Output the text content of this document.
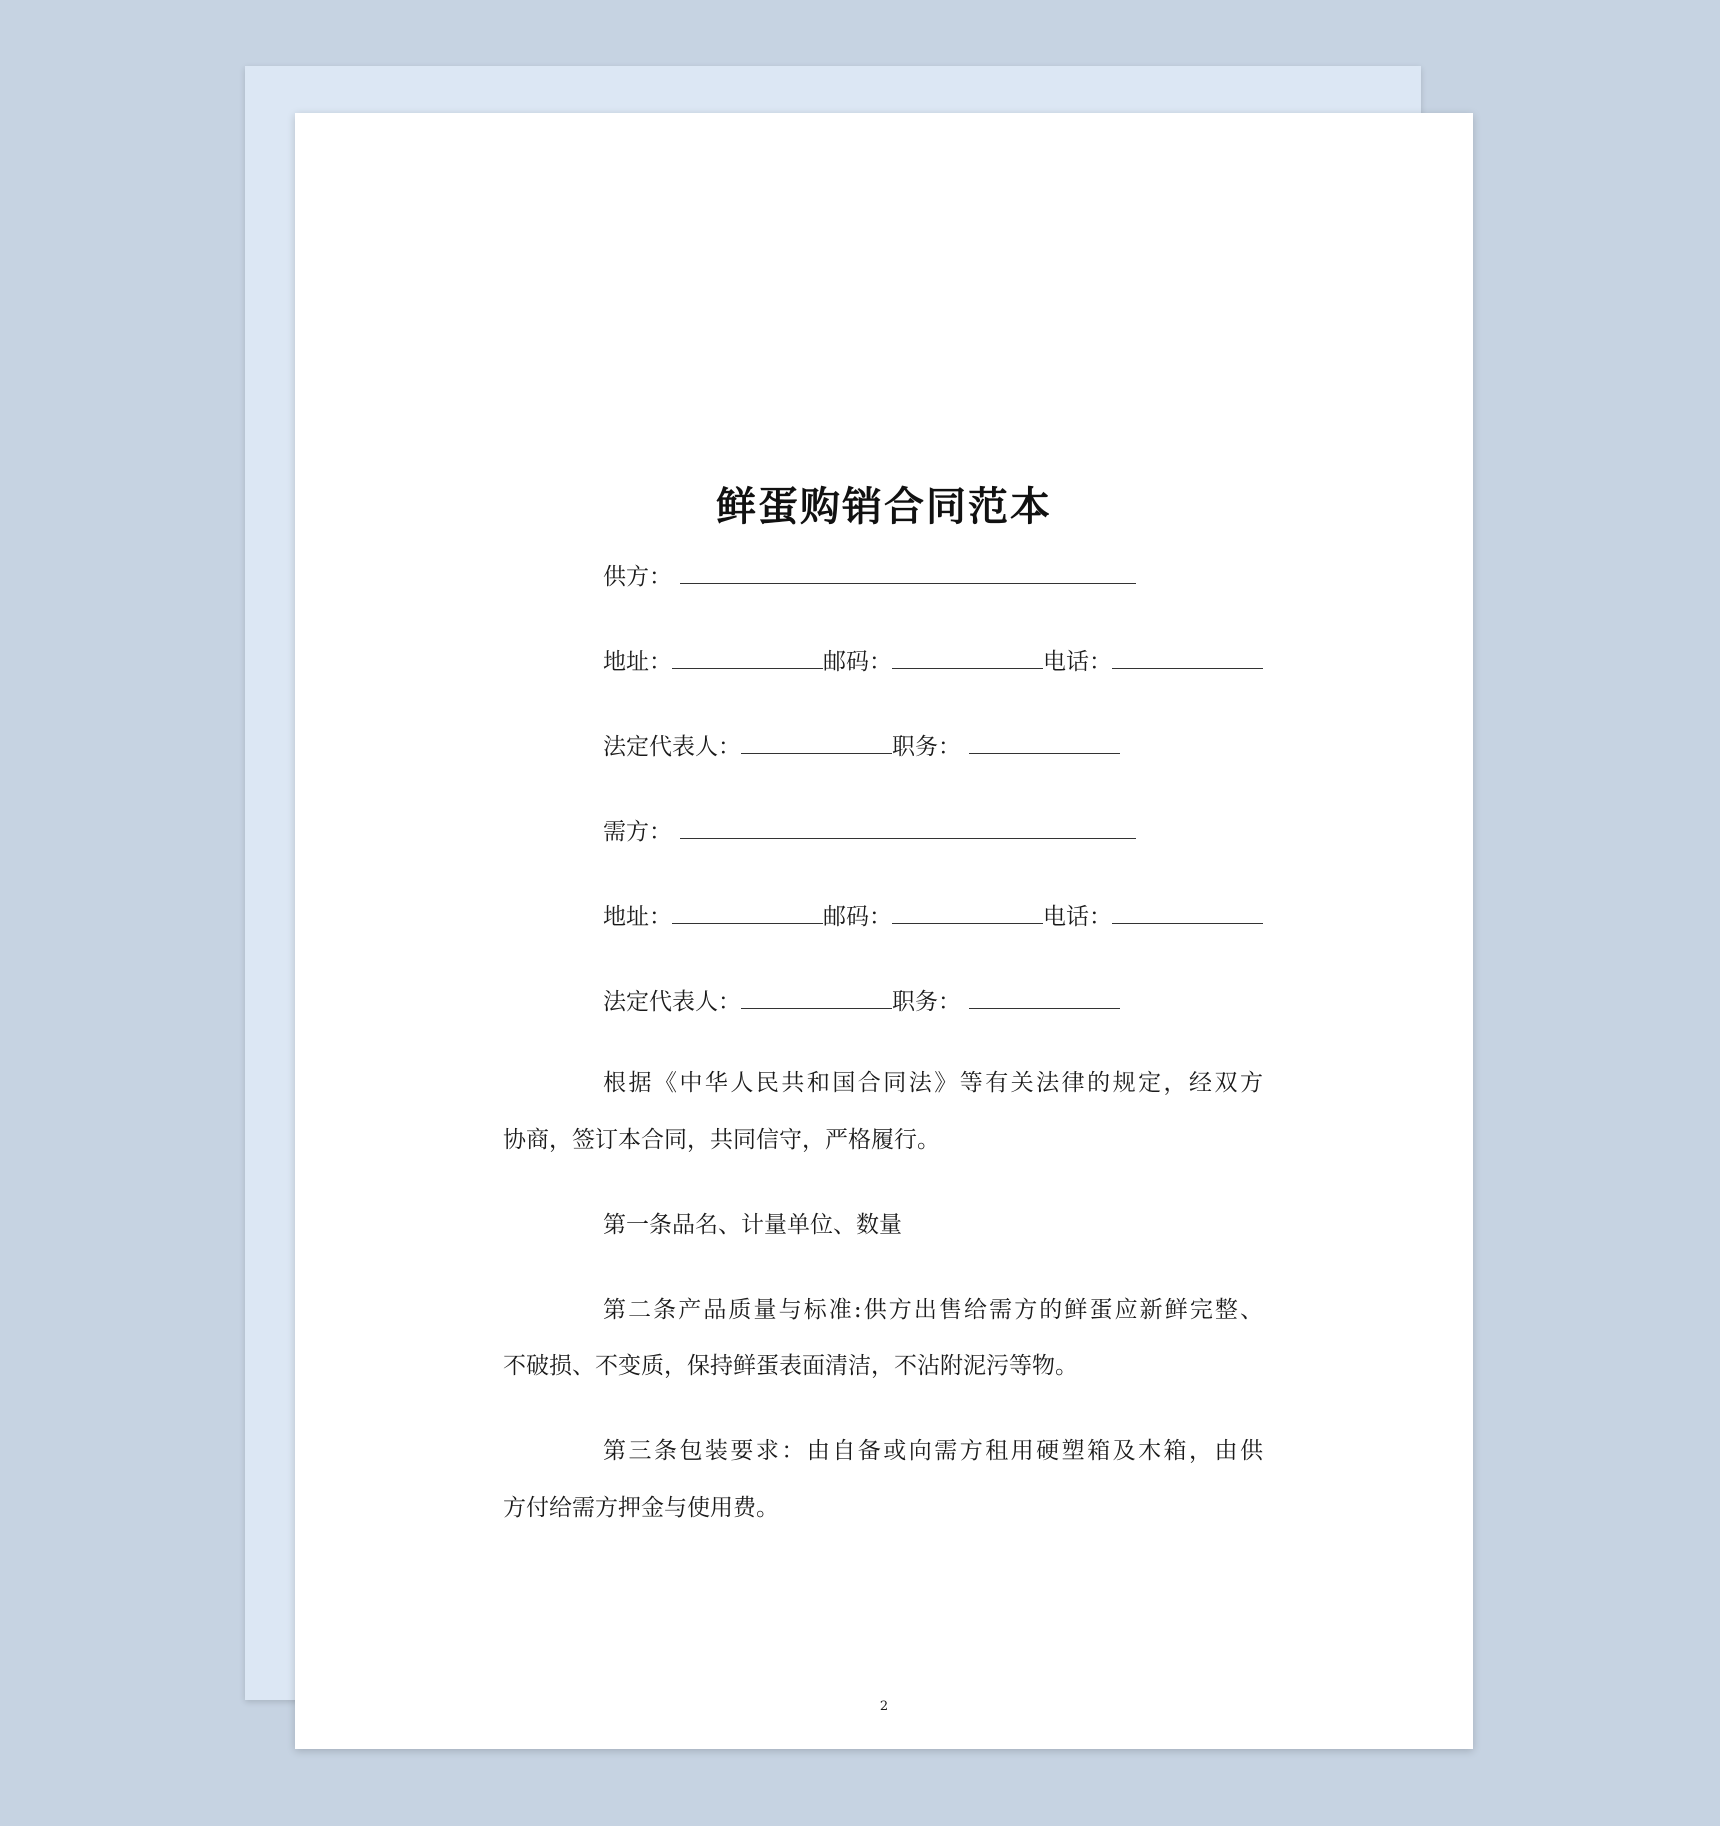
鲜蛋购销合同范本
供方：
地址：	邮码：	电话：
法定代表人：	职务：
需方：
地址：	邮码：	电话：
法定代表人：	职务：
根据《中华人民共和国合同法》等有关法律的规定，经双方
协商，签订本合同，共同信守，严格履行。
第一条品名、计量单位、数量
第二条产品质量与标准:供方出售给需方的鲜蛋应新鲜完整、
不破损、不变质，保持鲜蛋表面清洁，不沾附泥污等物。
第三条包装要求：由自备或向需方租用硬塑箱及木箱，由供
方付给需方押金与使用费。
2
